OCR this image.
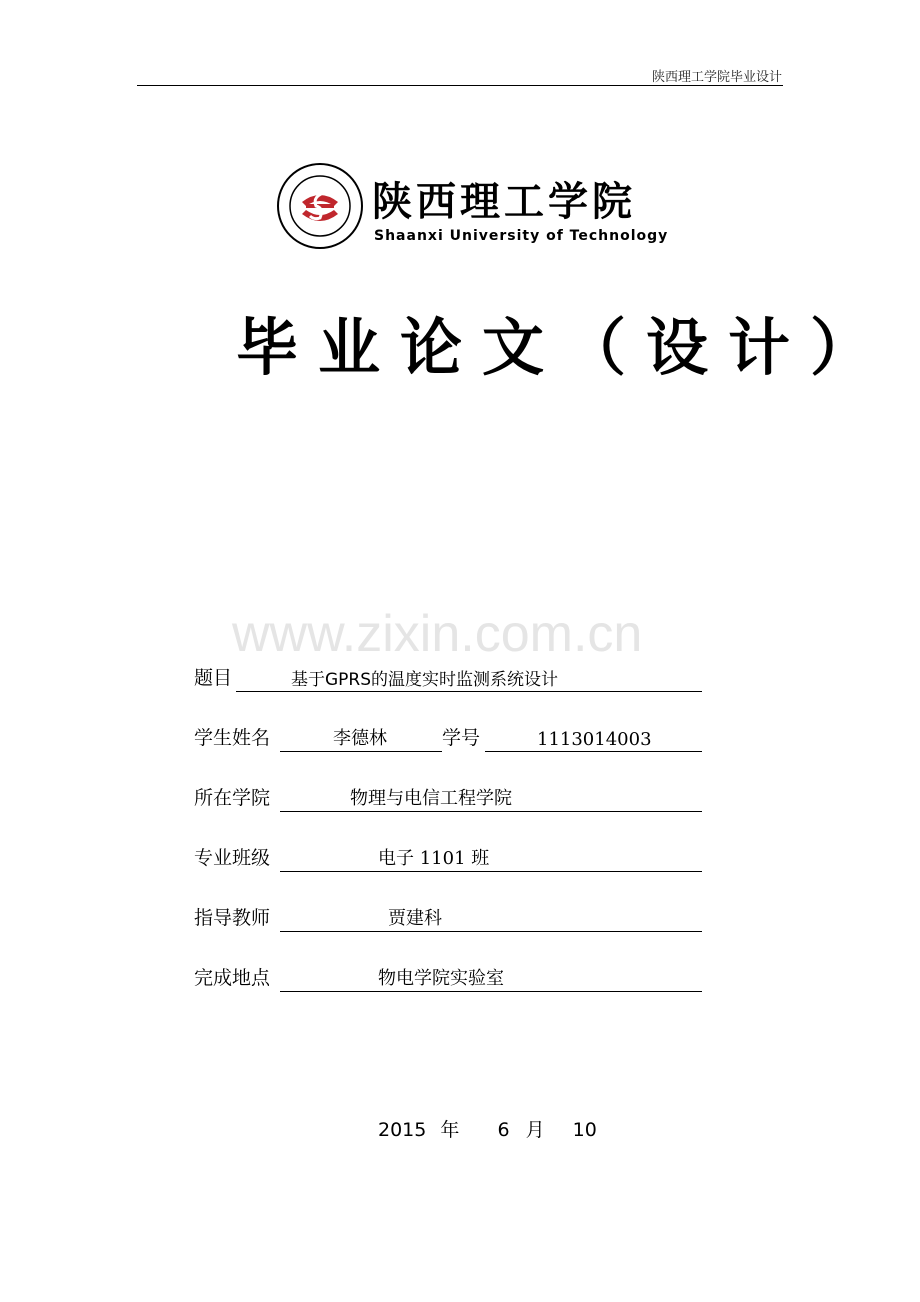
陕西理工学院毕业设计
陕西理工学院
Shaanxi University of Technology
毕业论文（设计）
www.zixin.com.cn
题目	基于GPRS的温度实时监测系统设计
学生姓名	李德林	学号	1113014003
所在学院	物理与电信工程学院
专业班级	电子 1101 班
指导教师	贾建科
完成地点	物电学院实验室
2015 年 6 月 10
